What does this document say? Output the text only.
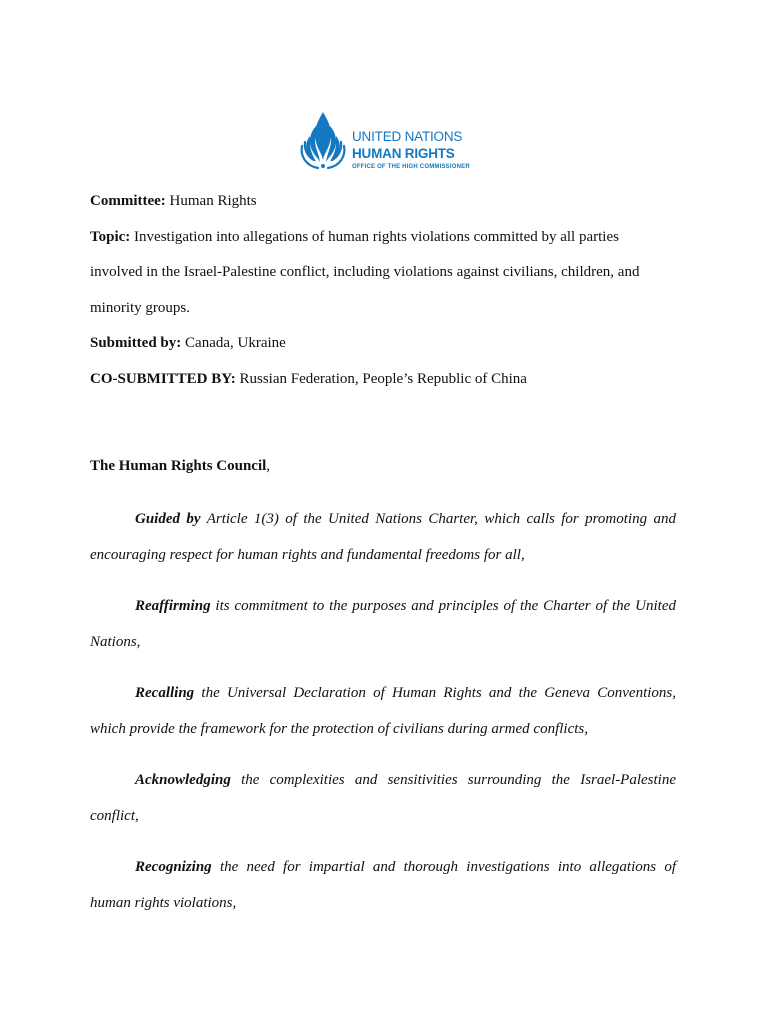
UNITED NATIONS
HUMAN RIGHTS
OFFICE OF THE HIGH COMMISSIONER
Committee: Human Rights
Topic: Investigation into allegations of human rights violations committed by all parties
involved in the Israel-Palestine conflict, including violations against civilians, children, and
minority groups.
Submitted by: Canada, Ukraine
CO-SUBMITTED BY: Russian Federation, People’s Republic of China
The Human Rights Council,
Guided by Article 1(3) of the United Nations Charter, which calls for promoting and
encouraging respect for human rights and fundamental freedoms for all,
Reaffirming its commitment to the purposes and principles of the Charter of the United
Nations,
Recalling the Universal Declaration of Human Rights and the Geneva Conventions,
which provide the framework for the protection of civilians during armed conflicts,
Acknowledging the complexities and sensitivities surrounding the Israel-Palestine
conflict,
Recognizing the need for impartial and thorough investigations into allegations of
human rights violations,
